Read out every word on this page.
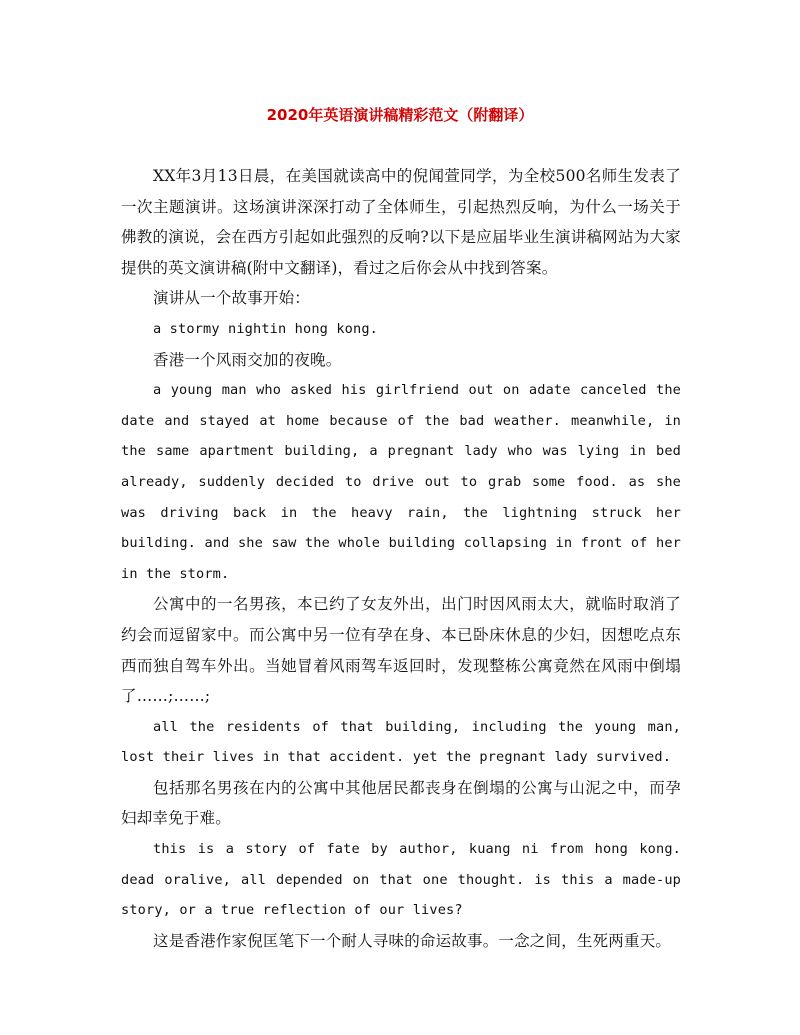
2020年英语演讲稿精彩范文（附翻译）

XX年3月13日晨，在美国就读高中的倪闻萱同学，为全校500名师生发表了一次主题演讲。这场演讲深深打动了全体师生，引起热烈反响，为什么一场关于佛教的演说，会在西方引起如此强烈的反响?以下是应届毕业生演讲稿网站为大家提供的英文演讲稿(附中文翻译)，看过之后你会从中找到答案。

演讲从一个故事开始：

a stormy nightin hong kong.

香港一个风雨交加的夜晚。

a young man who asked his girlfriend out on adate canceled the date and stayed at home because of the bad weather. meanwhile, in the same apartment building, a pregnant lady who was lying in bed already, suddenly decided to drive out to grab some food. as she was driving back in the heavy rain, the lightning struck her building. and she saw the whole building collapsing in front of her in the storm.

公寓中的一名男孩，本已约了女友外出，出门时因风雨太大，就临时取消了约会而逗留家中。而公寓中另一位有孕在身、本已卧床休息的少妇，因想吃点东西而独自驾车外出。当她冒着风雨驾车返回时，发现整栋公寓竟然在风雨中倒塌了……;……;

all the residents of that building, including the young man, lost their lives in that accident. yet the pregnant lady survived.

包括那名男孩在内的公寓中其他居民都丧身在倒塌的公寓与山泥之中，而孕妇却幸免于难。

this is a story of fate by author, kuang ni from hong kong. dead oralive, all depended on that one thought. is this a made-up story, or a true reflection of our lives?

这是香港作家倪匡笔下一个耐人寻味的命运故事。一念之间，生死两重天。
